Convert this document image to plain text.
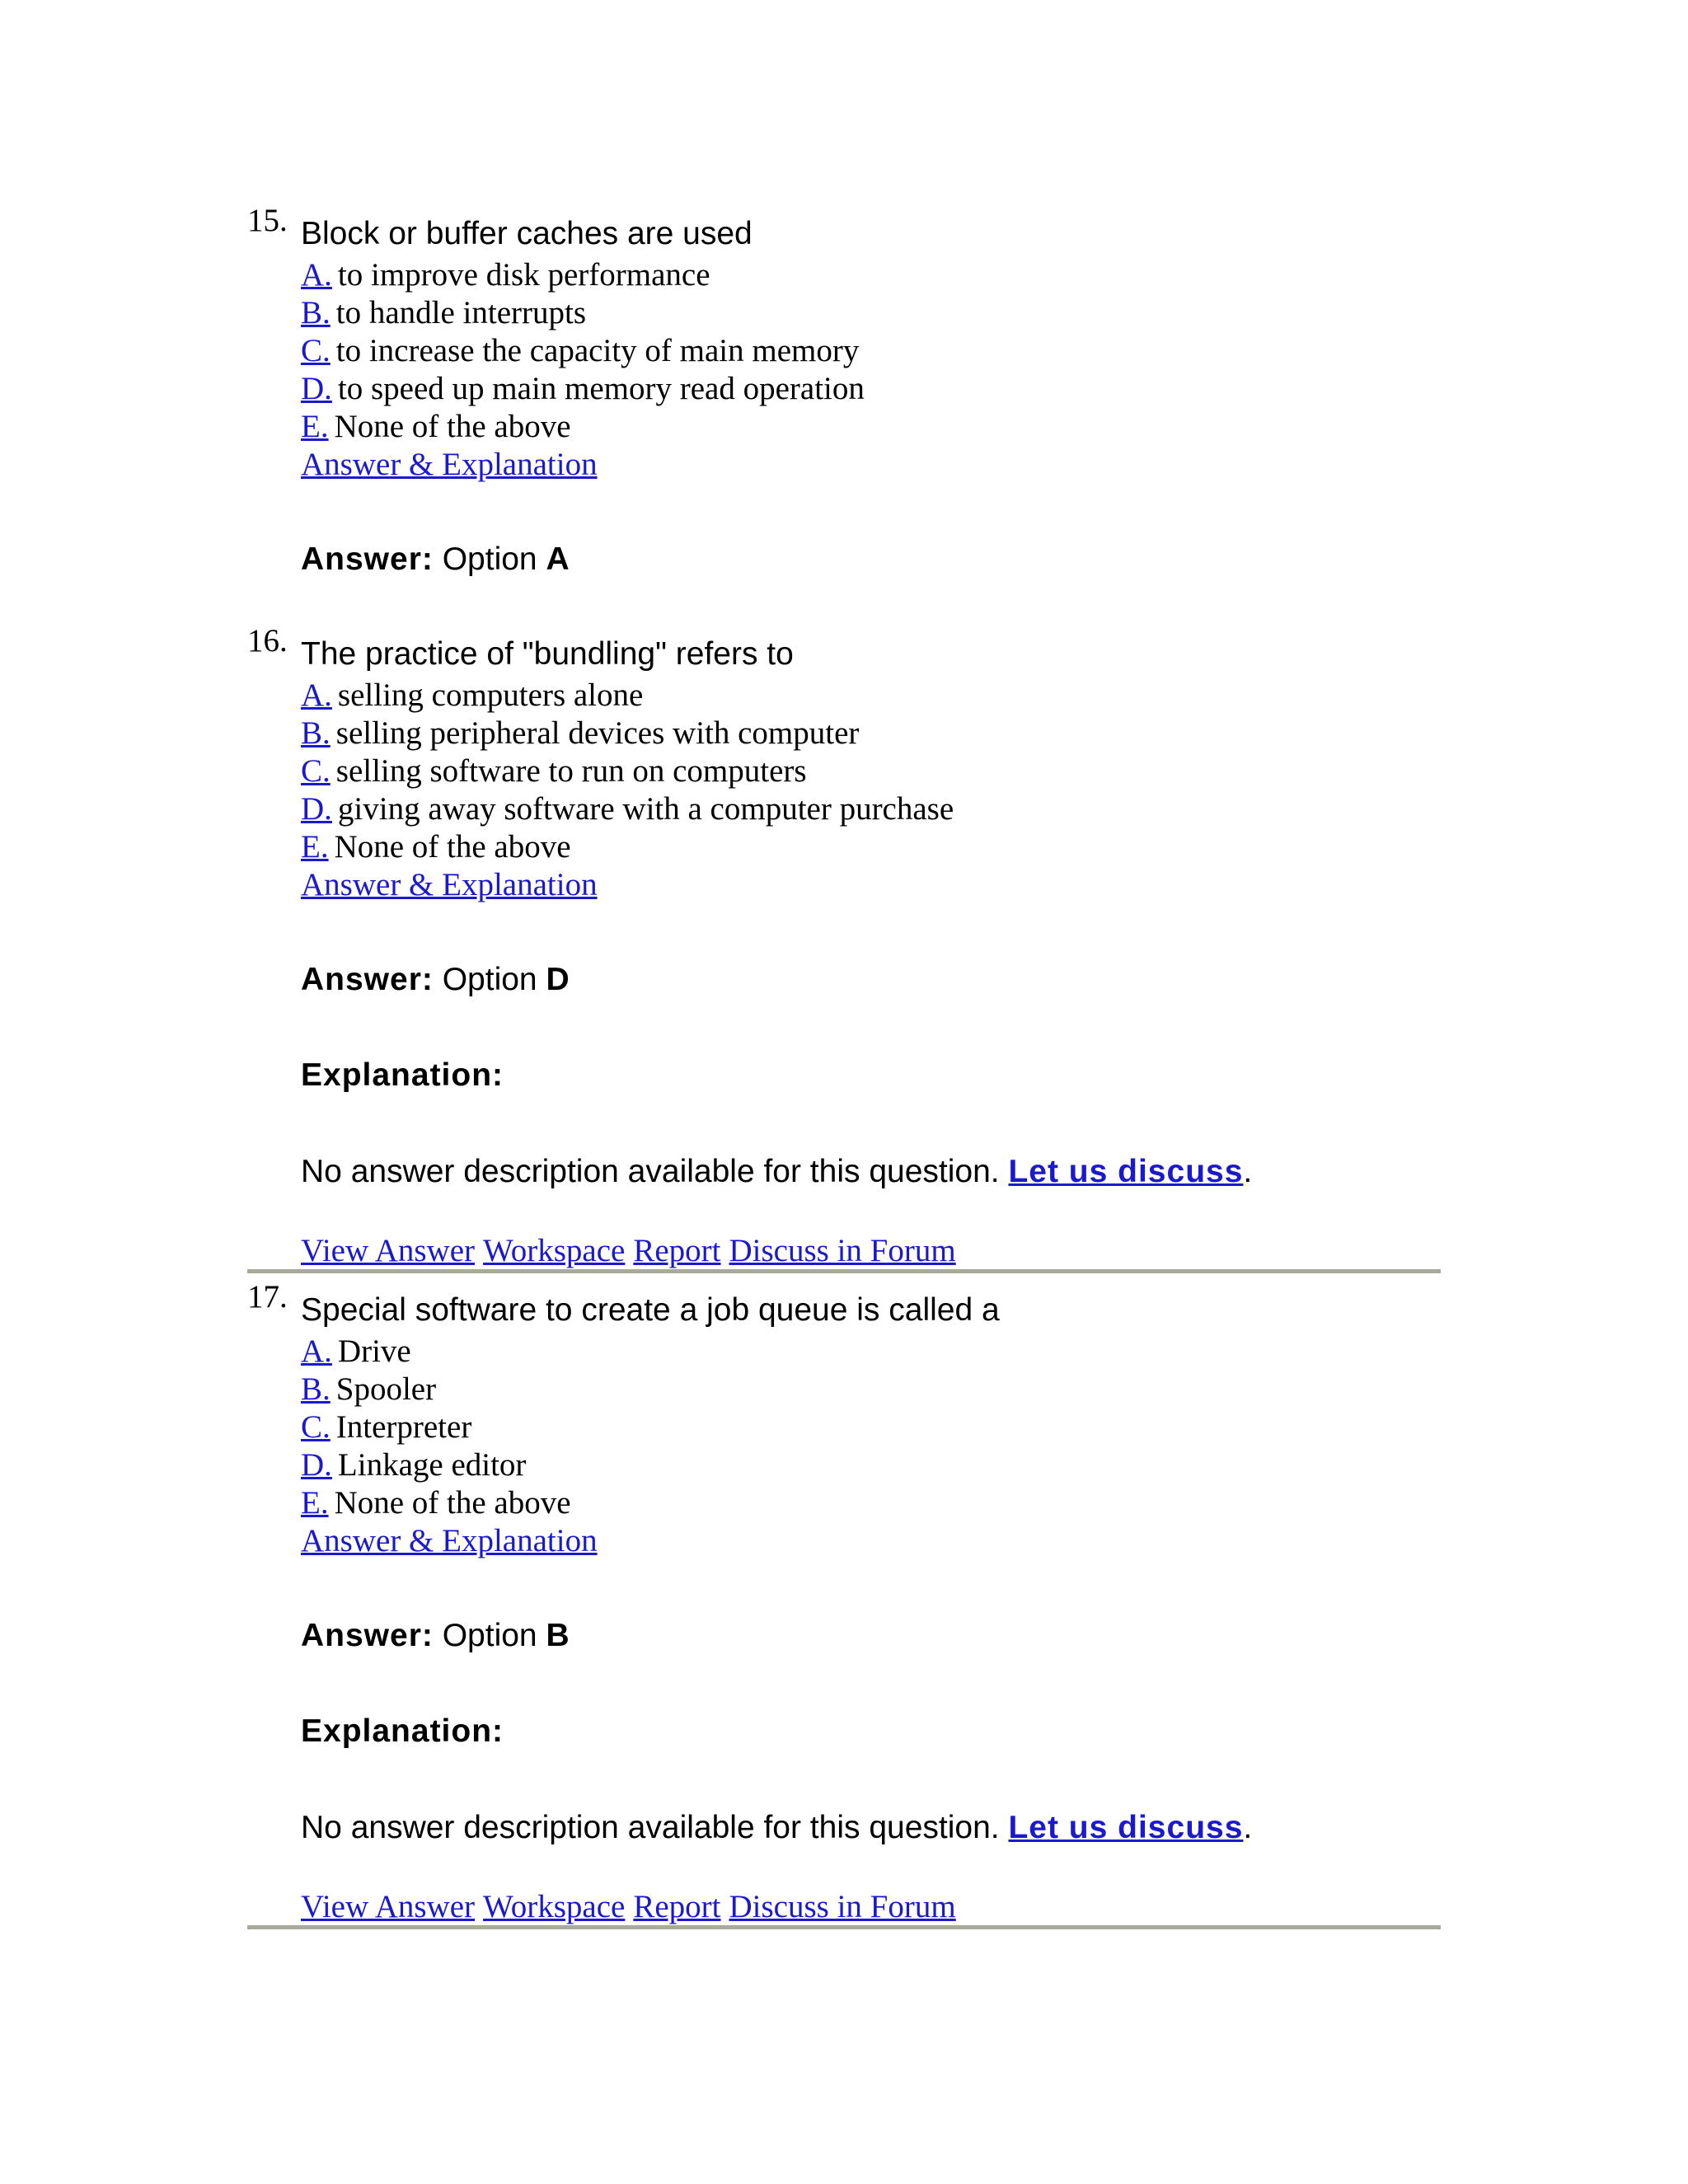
15. Block or buffer caches are used
A. to improve disk performance
B. to handle interrupts
C. to increase the capacity of main memory
D. to speed up main memory read operation
E. None of the above
Answer & Explanation
Answer: Option A
16. The practice of "bundling" refers to
A. selling computers alone
B. selling peripheral devices with computer
C. selling software to run on computers
D. giving away software with a computer purchase
E. None of the above
Answer & Explanation
Answer: Option D
Explanation:
No answer description available for this question. Let us discuss.
View Answer Workspace Report Discuss in Forum
17. Special software to create a job queue is called a
A. Drive
B. Spooler
C. Interpreter
D. Linkage editor
E. None of the above
Answer & Explanation
Answer: Option B
Explanation:
No answer description available for this question. Let us discuss.
View Answer Workspace Report Discuss in Forum
